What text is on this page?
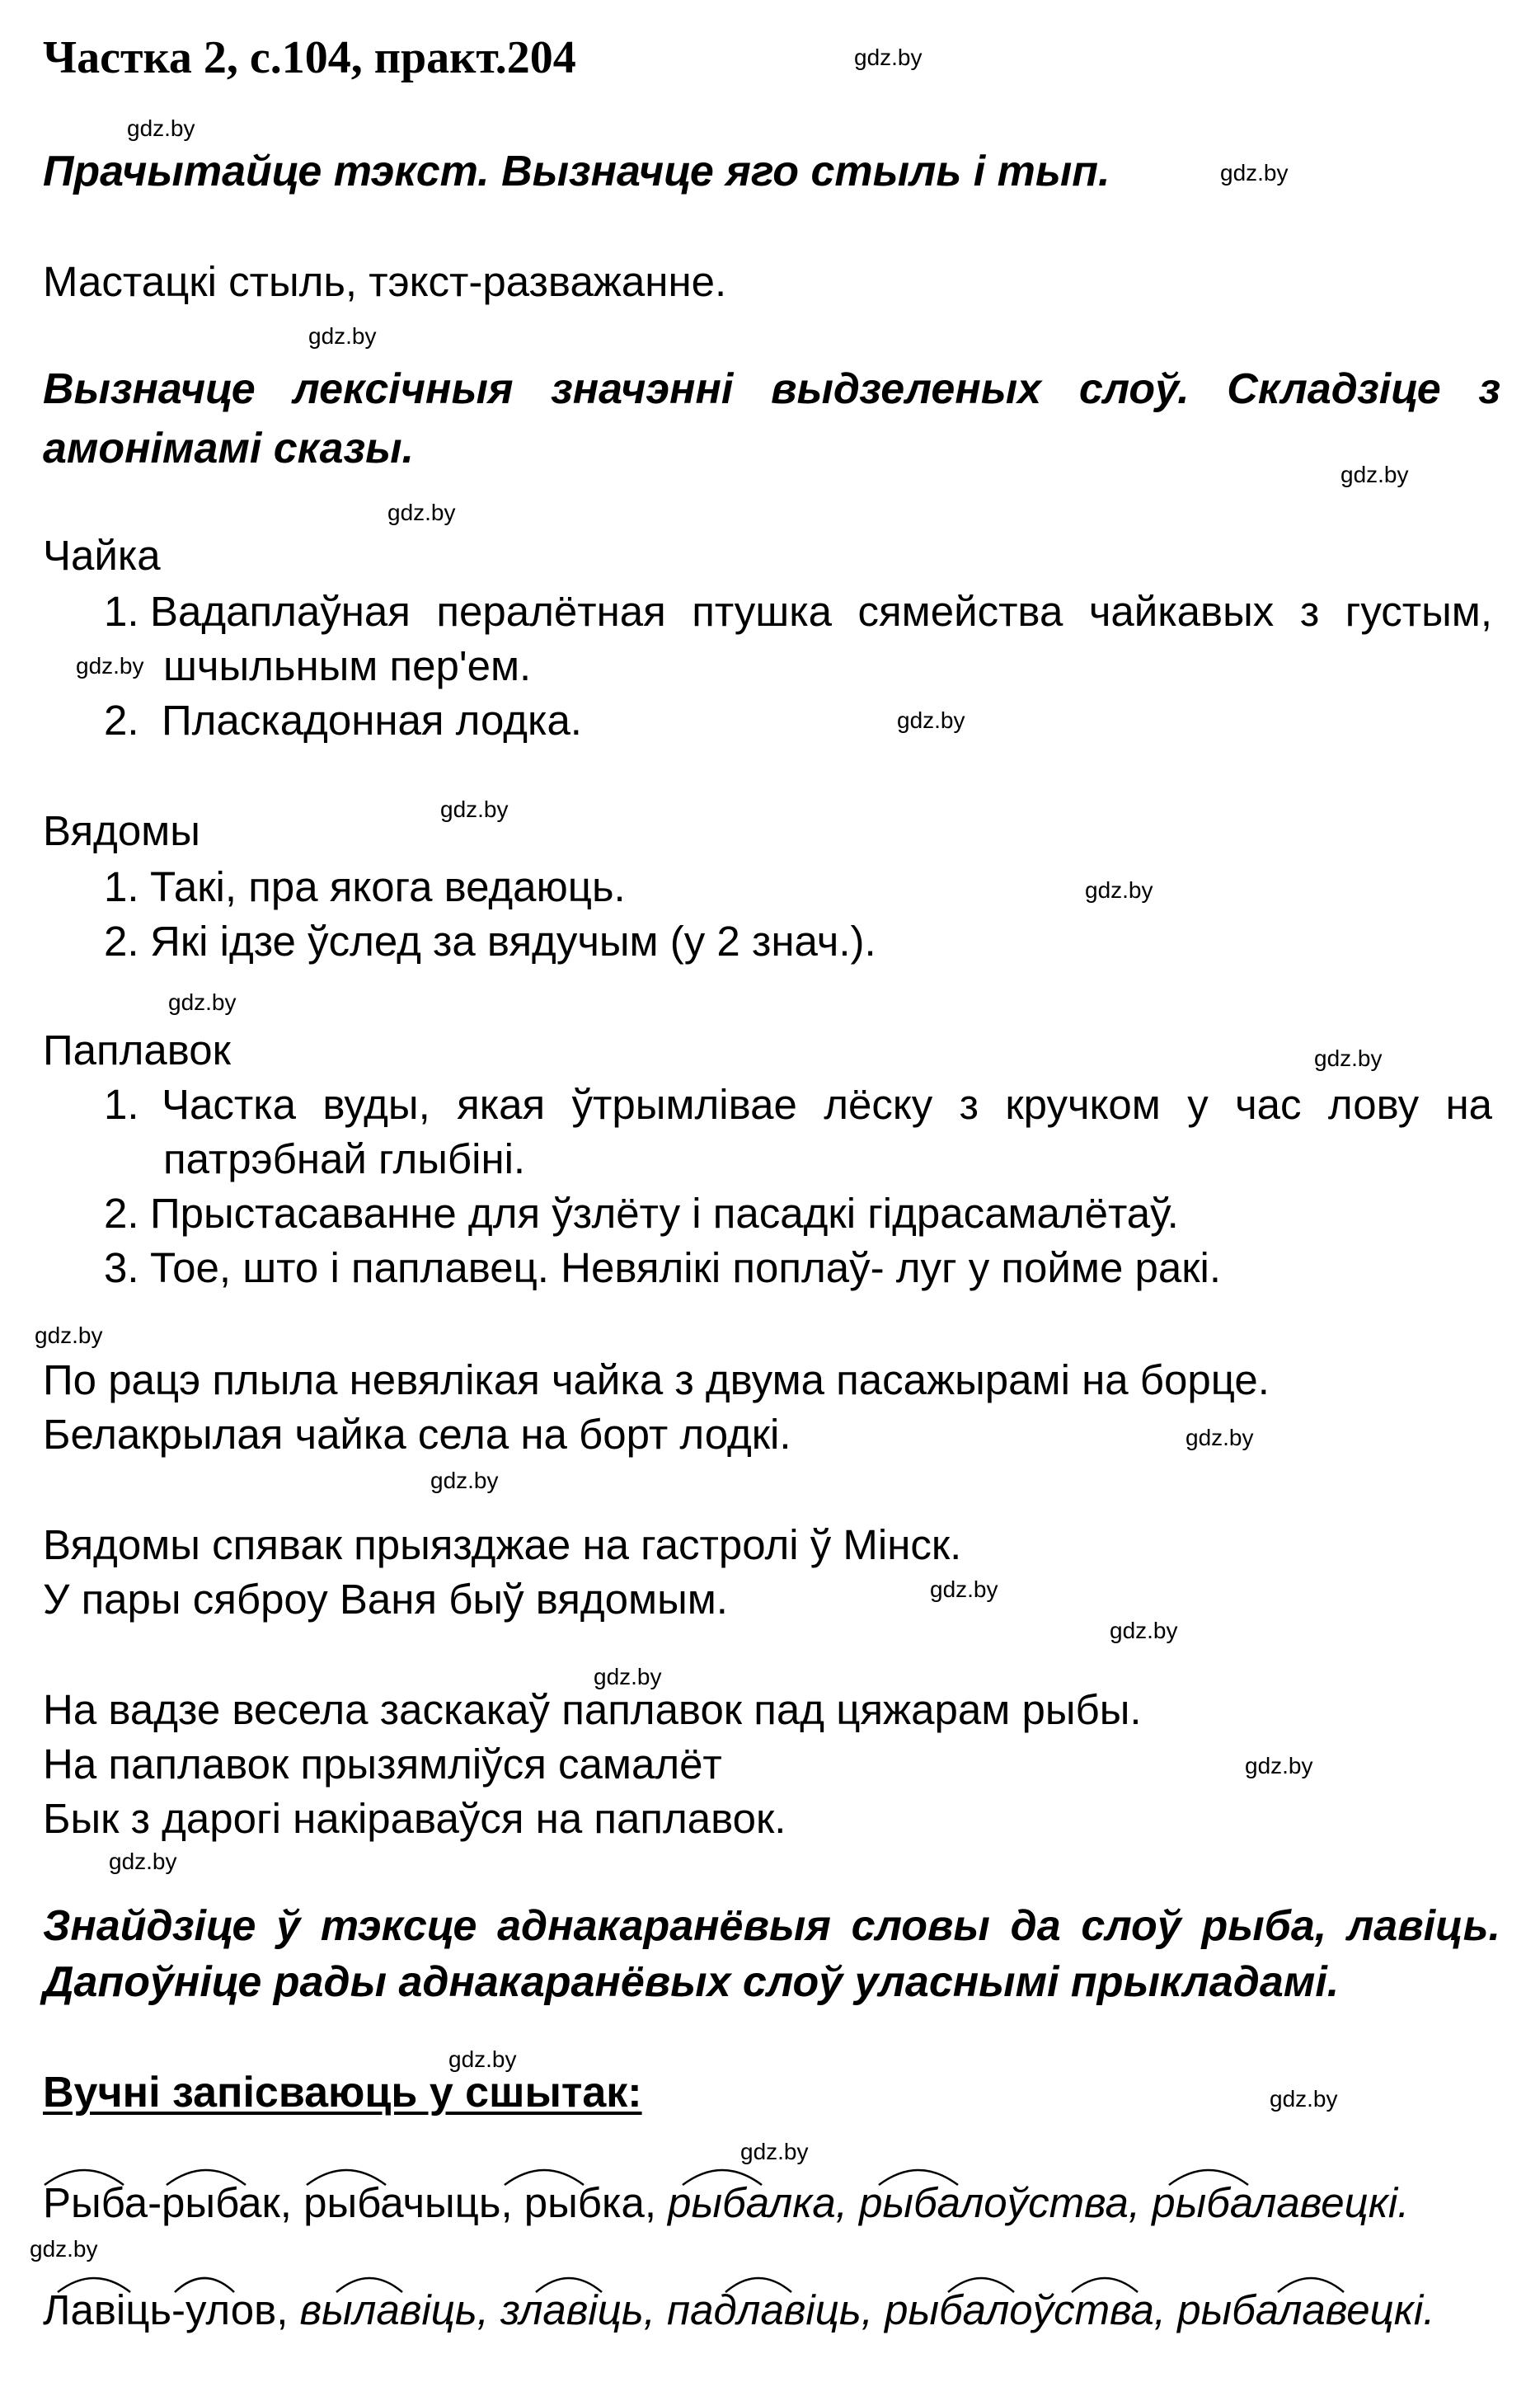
Частка 2, с.104, практ.204
Прачытайце тэкст. Вызначце яго стыль і тып.
Мастацкі стыль, тэкст-разважанне.
Вызначце лексічныя значэнні выдзеленых слоў. Складзіце з
амонімамі сказы.
Чайка
1. Вадаплаўная пералётная птушка сямейства чайкавых з густым,
шчыльным пер'ем.
2. Пласкадонная лодка.
Вядомы
1. Такі, пра якога ведаюць.
2. Які ідзе ўслед за вядучым (у 2 знач.).
Паплавок
1. Частка вуды, якая ўтрымлівае лёску з кручком у час лову на
патрэбнай глыбіні.
2. Прыстасаванне для ўзлёту і пасадкі гідрасамалётаў.
3. Тое, што і паплавец. Невялікі поплаў- луг у пойме ракі.
По рацэ плыла невялікая чайка з двума пасажырамі на борце.
Белакрылая чайка села на борт лодкі.
Вядомы спявак прыязджае на гастролі ў Мінск.
У пары сяброу Ваня быў вядомым.
На вадзе весела заскакаў паплавок пад цяжарам рыбы.
На паплавок прызямліўся самалёт
Бык з дарогі накіраваўся на паплавок.
Знайдзіце ў тэксце аднакаранёвыя словы да слоў рыба, лавіць.
Дапоўніце рады аднакаранёвых слоў уласнымі прыкладамі.
Вучні запісваюць у сшытак:
Рыба-рыбак, рыбачыць, рыбка, рыбалка, рыбалоўства, рыбалавецкі.
Лавіць-улов, вылавіць, злавіць, падлавіць, рыбалоўства, рыбалавецкі.
gdz.by
gdz.by
gdz.by
gdz.by
gdz.by
gdz.by
gdz.by
gdz.by
gdz.by
gdz.by
gdz.by
gdz.by
gdz.by
gdz.by
gdz.by
gdz.by
gdz.by
gdz.by
gdz.by
gdz.by
gdz.by
gdz.by
gdz.by
gdz.by
